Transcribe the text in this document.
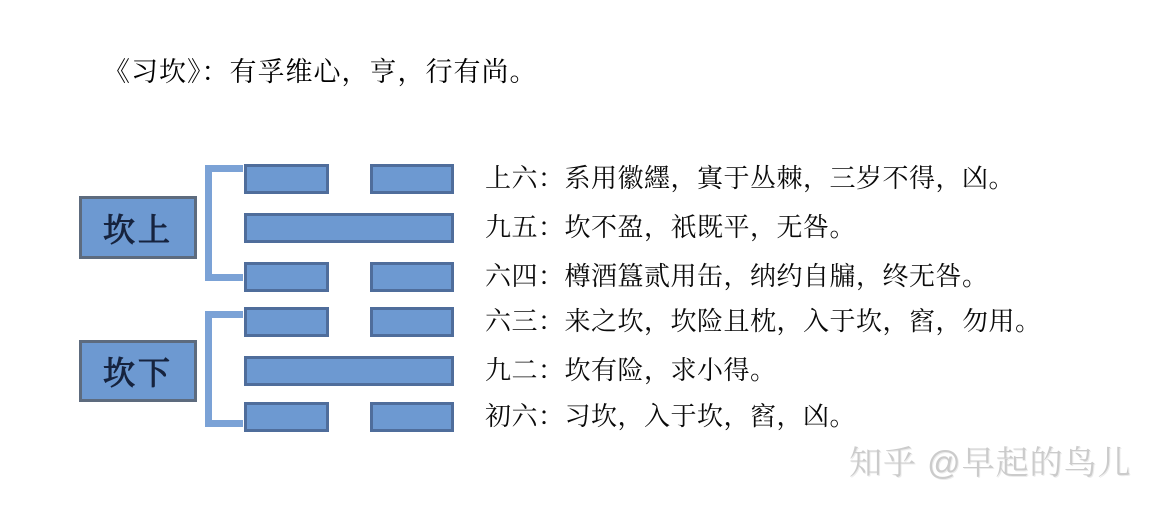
《习坎》：有孚维心，亨，行有尚。
坎上
坎下
上六：系用徽纆，寘于丛棘，三岁不得，凶。
九五：坎不盈，祇既平，无咎。
六四：樽酒簋贰用缶，纳约自牖，终无咎。
六三：来之坎，坎险且枕，入于坎，窞，勿用。
九二：坎有险，求小得。
初六：习坎，入于坎，窞，凶。
知乎 @早起的鸟儿
